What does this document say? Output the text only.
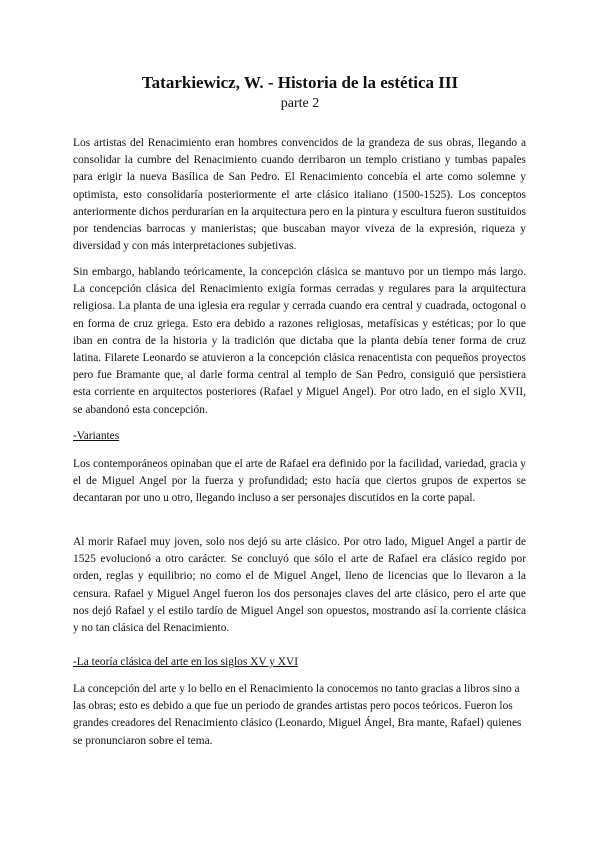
Tatarkiewicz, W. - Historia de la estética III
parte 2

Los artistas del Renacimiento eran hombres convencidos de la grandeza de sus obras, llegando a consolidar la cumbre del Renacimiento cuando derribaron un templo cristiano y tumbas papales para erigir la nueva Basílica de San Pedro. El Renacimiento concebía el arte como solemne y optimista, esto consolidaría posteriormente el arte clásico italiano (1500-1525). Los conceptos anteriormente dichos perdurarían en la arquitectura pero en la pintura y escultura fueron sustituidos por tendencias barrocas y manieristas; que buscaban mayor viveza de la expresión, riqueza y diversidad y con más interpretaciones subjetivas.

Sin embargo, hablando teóricamente, la concepción clásica se mantuvo por un tiempo más largo. La concepción clásica del Renacimiento exigía formas cerradas y regulares para la arquitectura religiosa. La planta de una iglesia era regular y cerrada cuando era central y cuadrada, octogonal o en forma de cruz griega. Esto era debido a razones religiosas, metafísicas y estéticas; por lo que iban en contra de la historia y la tradición que dictaba que la planta debía tener forma de cruz latina. Filarete Leonardo se atuvieron a la concepción clásica renacentista con pequeños proyectos pero fue Bramante que, al darle forma central al templo de San Pedro, consiguió que persistiera esta corriente en arquitectos posteriores (Rafael y Miguel Angel). Por otro lado, en el siglo XVII, se abandonó esta concepción.

-Variantes

Los contemporáneos opinaban que el arte de Rafael era definido por la facilidad, variedad, gracia y el de Miguel Angel por la fuerza y profundidad; esto hacía que ciertos grupos de expertos se decantaran por uno u otro, llegando incluso a ser personajes discutidos en la corte papal.

Al morir Rafael muy joven, solo nos dejó su arte clásico. Por otro lado, Miguel Angel a partir de 1525 evolucionó a otro carácter. Se concluyó que sólo el arte de Rafael era clásico regido por orden, reglas y equilibrio; no como el de Miguel Angel, lleno de licencias que lo llevaron a la censura. Rafael y Miguel Angel fueron los dos personajes claves del arte clásico, pero el arte que nos dejó Rafael y el estilo tardío de Miguel Angel son opuestos, mostrando así la corriente clásica y no tan clásica del Renacimiento.

-La teoría clásica del arte en los siglos XV y XVI

La concepción del arte y lo bello en el Renacimiento la conocemos no tanto gracias a libros sino a las obras; esto es debido a que fue un periodo de grandes artistas pero pocos teóricos. Fueron los grandes creadores del Renacimiento clásico (Leonardo, Miguel Ángel, Bra mante, Rafael) quienes se pronunciaron sobre el tema.
